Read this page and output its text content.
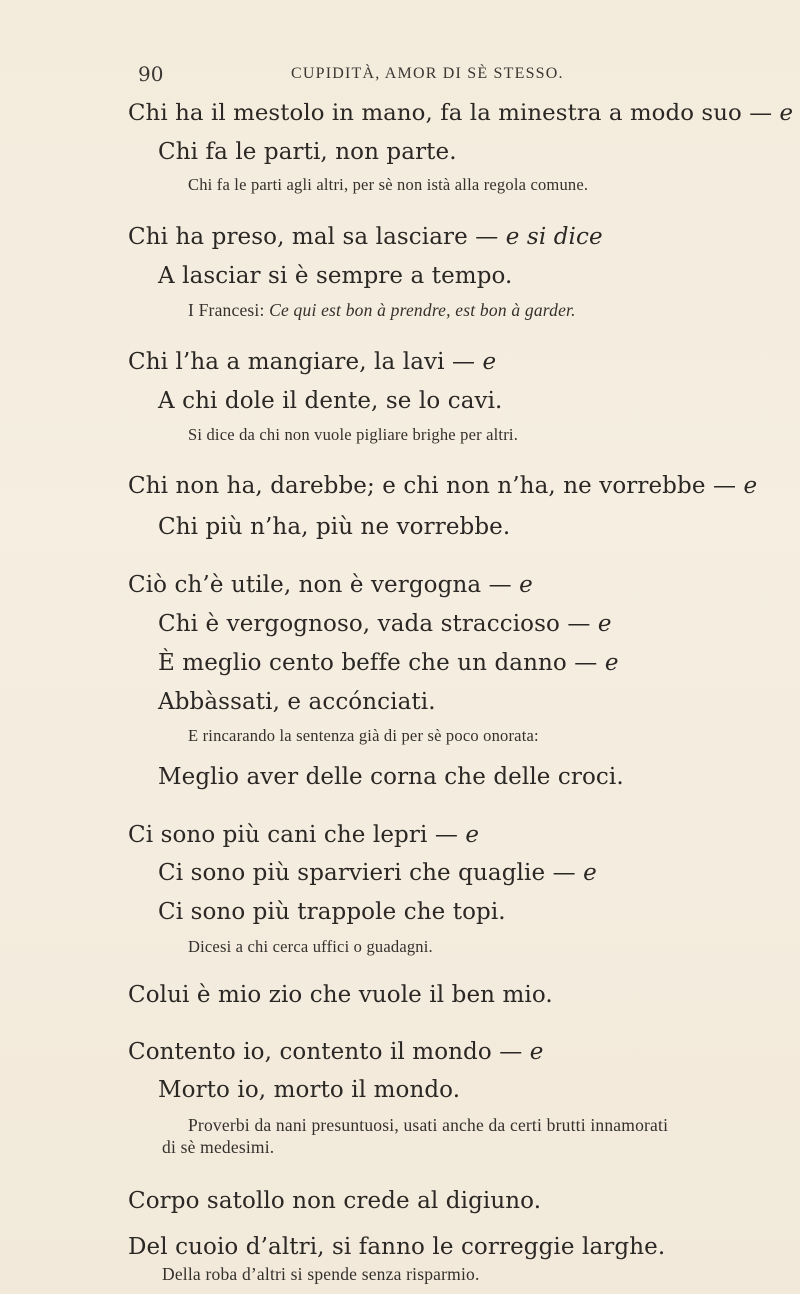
90	CUPIDITÀ, AMOR DI SÈ STESSO.
Chi ha il mestolo in mano, fa la minestra a modo suo — e
Chi fa le parti, non parte.
Chi fa le parti agli altri, per sè non istà alla regola comune.
Chi ha preso, mal sa lasciare — e si dice
A lasciar si è sempre a tempo.
I Francesi: Ce qui est bon à prendre, est bon à garder.
Chi l’ha a mangiare, la lavi — e
A chi dole il dente, se lo cavi.
Si dice da chi non vuole pigliare brighe per altri.
Chi non ha, darebbe; e chi non n’ha, ne vorrebbe — e
Chi più n’ha, più ne vorrebbe.
Ciò ch’è utile, non è vergogna — e
Chi è vergognoso, vada straccioso — e
È meglio cento beffe che un danno — e
Abbàssati, e accónciati.
E rincarando la sentenza già di per sè poco onorata:
Meglio aver delle corna che delle croci.
Ci sono più cani che lepri — e
Ci sono più sparvieri che quaglie — e
Ci sono più trappole che topi.
Dicesi a chi cerca uffici o guadagni.
Colui è mio zio che vuole il ben mio.
Contento io, contento il mondo — e
Morto io, morto il mondo.
Proverbi da nani presuntuosi, usati anche da certi brutti innamorati
di sè medesimi.
Corpo satollo non crede al digiuno.
Del cuoio d’altri, si fanno le correggie larghe.
Della roba d’altri si spende senza risparmio.
